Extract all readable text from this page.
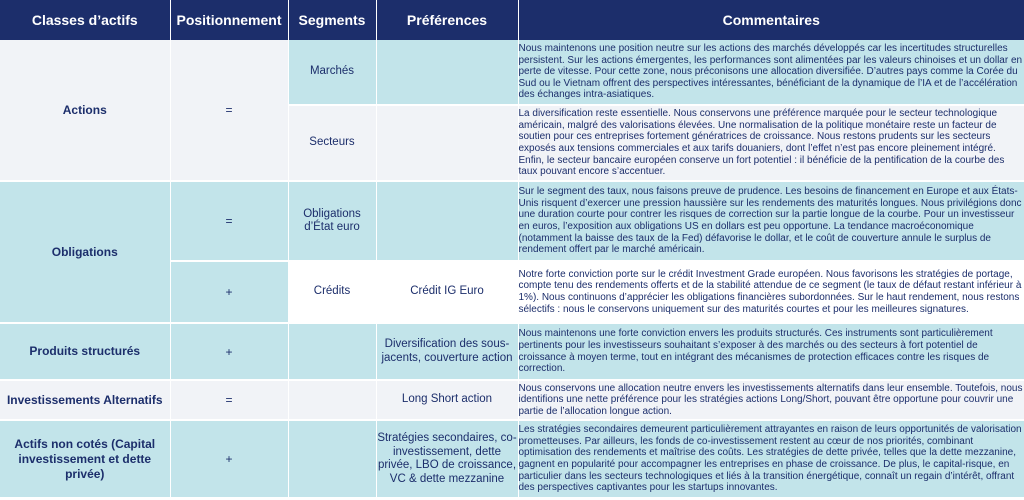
Classes d’actifs	Positionnement	Segments	Préférences	Commentaires
Actions	=	Marchés		Nous maintenons une position neutre sur les actions des marchés développés car les incertitudes structurelles persistent. Sur les actions émergentes, les performances sont alimentées par les valeurs chinoises et un dollar en perte de vitesse. Pour cette zone, nous préconisons une allocation diversifiée. D’autres pays comme la Corée du Sud ou le Vietnam offrent des perspectives intéressantes, bénéficiant de la dynamique de l’IA et de l’accélération des échanges intra-asiatiques.

		Secteurs		La diversification reste essentielle. Nous conservons une préférence marquée pour le secteur technologique américain, malgré des valorisations élevées. Une normalisation de la politique monétaire reste un facteur de soutien pour ces entreprises fortement génératrices de croissance. Nous restons prudents sur les secteurs exposés aux tensions commerciales et aux tarifs douaniers, dont l’effet n’est pas encore pleinement intégré. Enfin, le secteur bancaire européen conserve un fort potentiel : il bénéficie de la pentification de la courbe des taux pouvant encore s’accentuer.

Obligations	=	Obligations d’État euro		Sur le segment des taux, nous faisons preuve de prudence. Les besoins de financement en Europe et aux États-Unis risquent d’exercer une pression haussière sur les rendements des maturités longues. Nous privilégions donc une duration courte pour contrer les risques de correction sur la partie longue de la courbe. Pour un investisseur en euros, l’exposition aux obligations US en dollars est peu opportune. La tendance macroéconomique (notamment la baisse des taux de la Fed) défavorise le dollar, et le coût de couverture annule le surplus de rendement offert par le marché américain.

	+	Crédits	Crédit IG Euro	Notre forte conviction porte sur le crédit Investment Grade européen. Nous favorisons les stratégies de portage, compte tenu des rendements offerts et de la stabilité attendue de ce segment (le taux de défaut restant inférieur à 1%). Nous continuons d’apprécier les obligations financières subordonnées. Sur le haut rendement, nous restons sélectifs : nous le conservons uniquement sur des maturités courtes et pour les meilleures signatures.

Produits structurés	+		Diversification des sous-jacents, couverture action	Nous maintenons une forte conviction envers les produits structurés. Ces instruments sont particulièrement pertinents pour les investisseurs souhaitant s’exposer à des marchés ou des secteurs à fort potentiel de croissance à moyen terme, tout en intégrant des mécanismes de protection efficaces contre les risques de correction.

Investissements Alternatifs	=		Long Short action	Nous conservons une allocation neutre envers les investissements alternatifs dans leur ensemble. Toutefois, nous identifions une nette préférence pour les stratégies actions Long/Short, pouvant être opportune pour couvrir une partie de l’allocation longue action.

Actifs non cotés (Capital investissement et dette privée)	+		Stratégies secondaires, co-investissement, dette privée, LBO de croissance, VC & dette mezzanine	Les stratégies secondaires demeurent particulièrement attrayantes en raison de leurs opportunités de valorisation prometteuses. Par ailleurs, les fonds de co-investissement restent au cœur de nos priorités, combinant optimisation des rendements et maîtrise des coûts. Les stratégies de dette privée, telles que la dette mezzanine, gagnent en popularité pour accompagner les entreprises en phase de croissance. De plus, le capital-risque, en particulier dans les secteurs technologiques et liés à la transition énergétique, connaît un regain d’intérêt, offrant des perspectives captivantes pour les startups innovantes.
